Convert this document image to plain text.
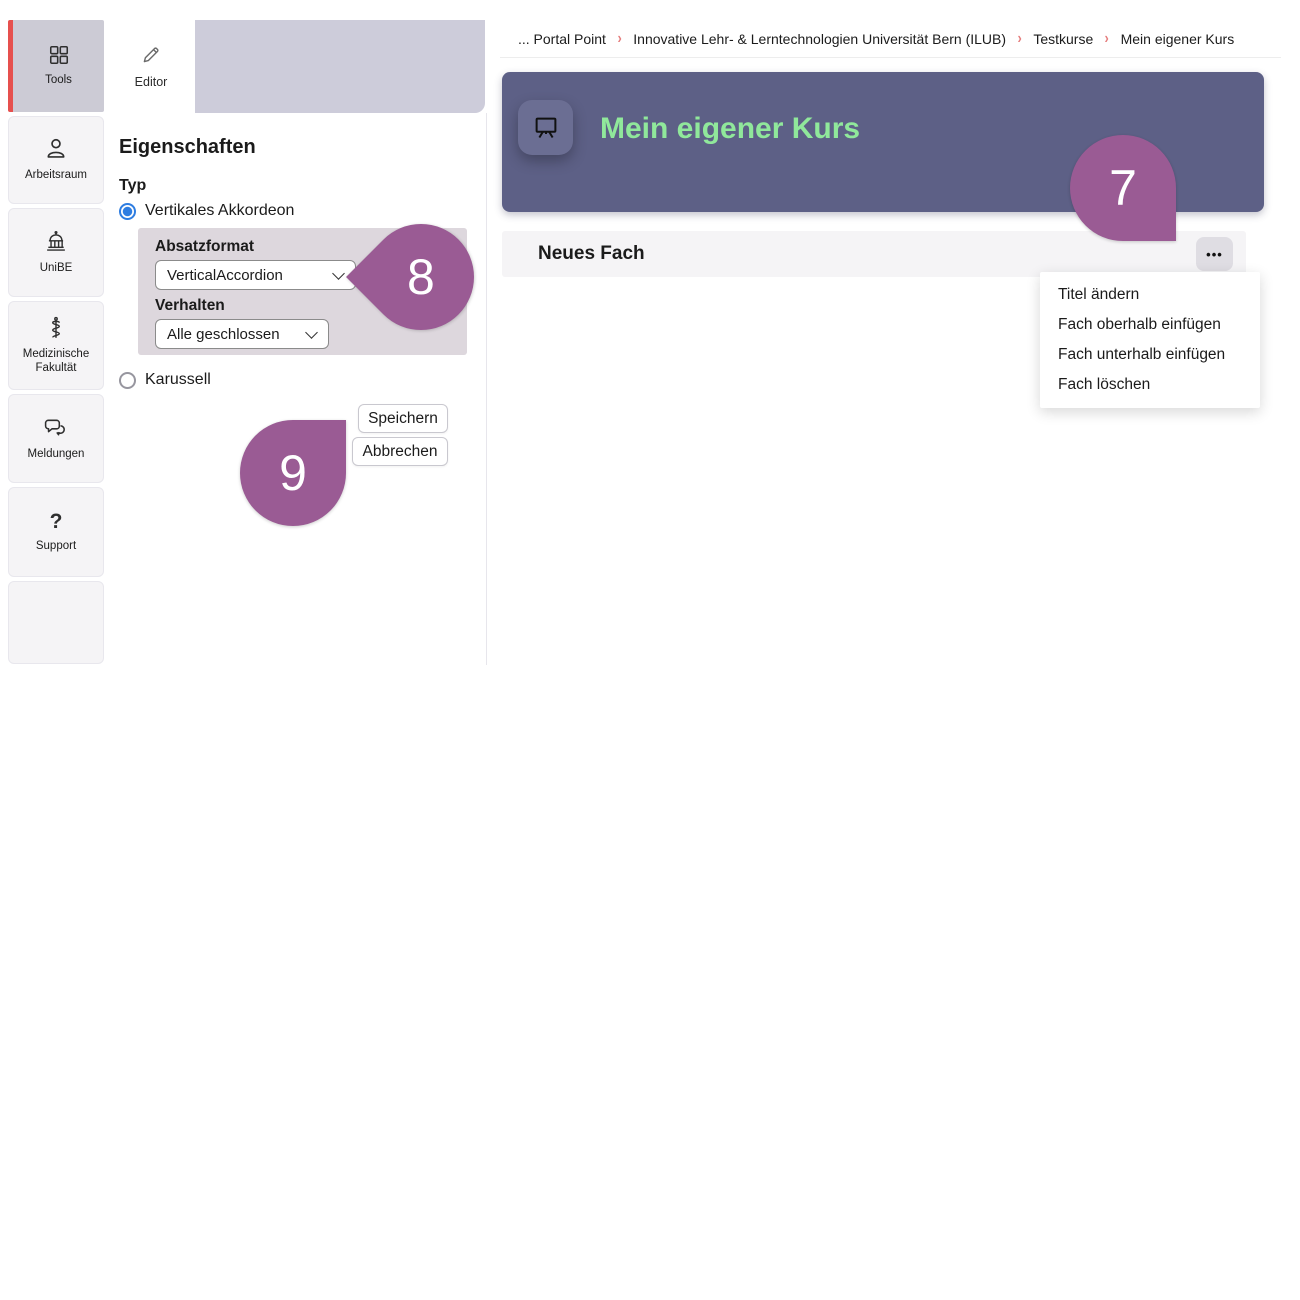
Tools
Arbeitsraum
UniBE
Medizinische Fakultät
Meldungen
?
Support
Editor
Eigenschaften
Typ
Vertikales Akkordeon
Absatzformat
VerticalAccordion
Verhalten
Alle geschlossen
Karussell
Speichern
Abbrechen
... Portal Point › Innovative Lehr- & Lerntechnologien Universität Bern (ILUB) › Testkurse › Mein eigener Kurs
Mein eigener Kurs
Neues Fach	•••
Titel ändern
Fach oberhalb einfügen
Fach unterhalb einfügen
Fach löschen
7
8
9
